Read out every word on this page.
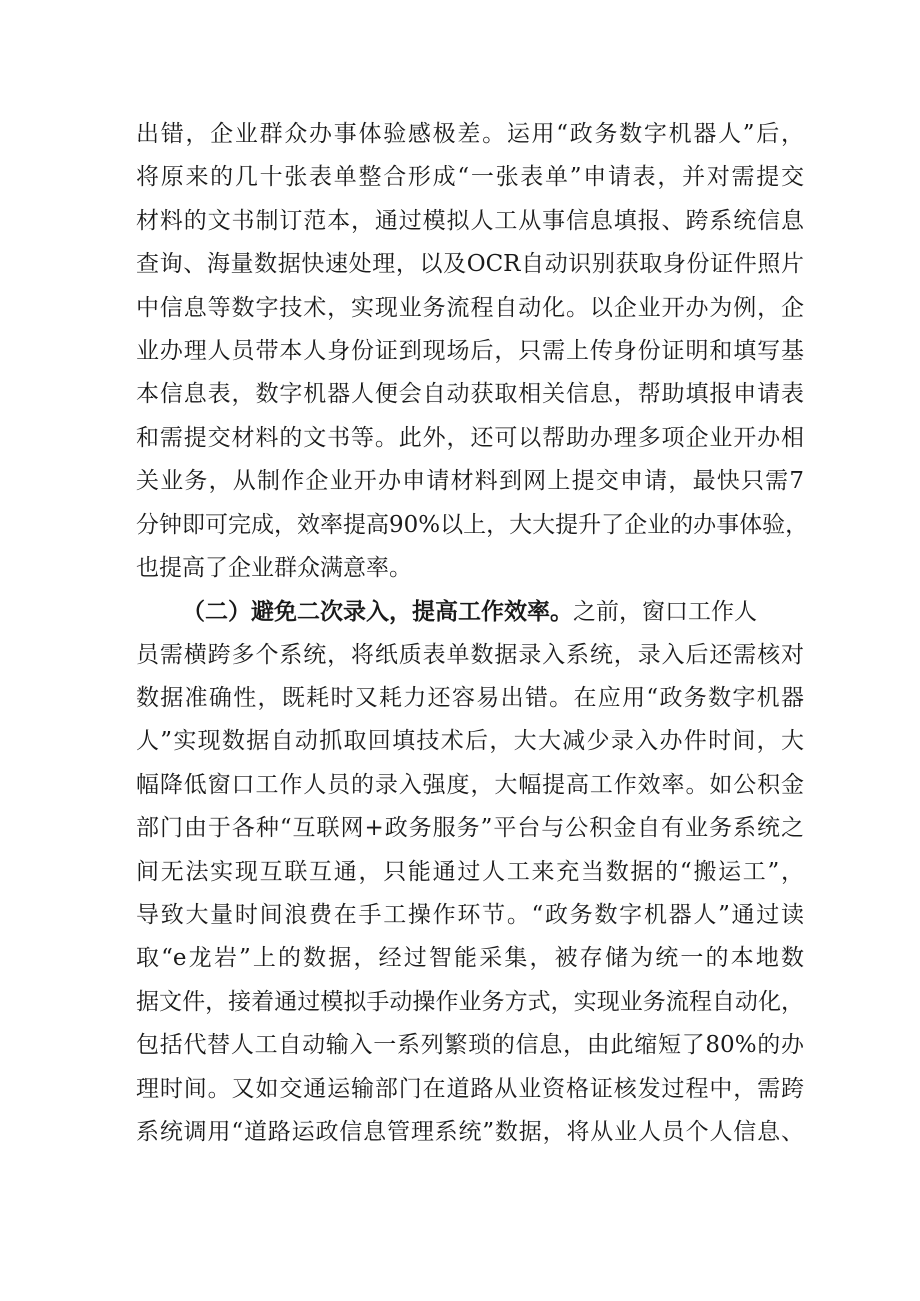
出错，企业群众办事体验感极差。运用“政务数字机器人”后，
将原来的几十张表单整合形成“一张表单”申请表，并对需提交
材料的文书制订范本，通过模拟人工从事信息填报、跨系统信息
查询、海量数据快速处理，以及OCR自动识别获取身份证件照片
中信息等数字技术，实现业务流程自动化。以企业开办为例，企
业办理人员带本人身份证到现场后，只需上传身份证明和填写基
本信息表，数字机器人便会自动获取相关信息，帮助填报申请表
和需提交材料的文书等。此外，还可以帮助办理多项企业开办相
关业务，从制作企业开办申请材料到网上提交申请，最快只需7
分钟即可完成，效率提高90%以上，大大提升了企业的办事体验，
也提高了企业群众满意率。
（二）避免二次录入，提高工作效率。之前，窗口工作人
员需横跨多个系统，将纸质表单数据录入系统，录入后还需核对
数据准确性，既耗时又耗力还容易出错。在应用“政务数字机器
人”实现数据自动抓取回填技术后，大大减少录入办件时间，大
幅降低窗口工作人员的录入强度，大幅提高工作效率。如公积金
部门由于各种“互联网+政务服务”平台与公积金自有业务系统之
间无法实现互联互通，只能通过人工来充当数据的“搬运工”，
导致大量时间浪费在手工操作环节。“政务数字机器人”通过读
取“e龙岩”上的数据，经过智能采集，被存储为统一的本地数
据文件，接着通过模拟手动操作业务方式，实现业务流程自动化，
包括代替人工自动输入一系列繁琐的信息，由此缩短了80%的办
理时间。又如交通运输部门在道路从业资格证核发过程中，需跨
系统调用“道路运政信息管理系统”数据，将从业人员个人信息、
